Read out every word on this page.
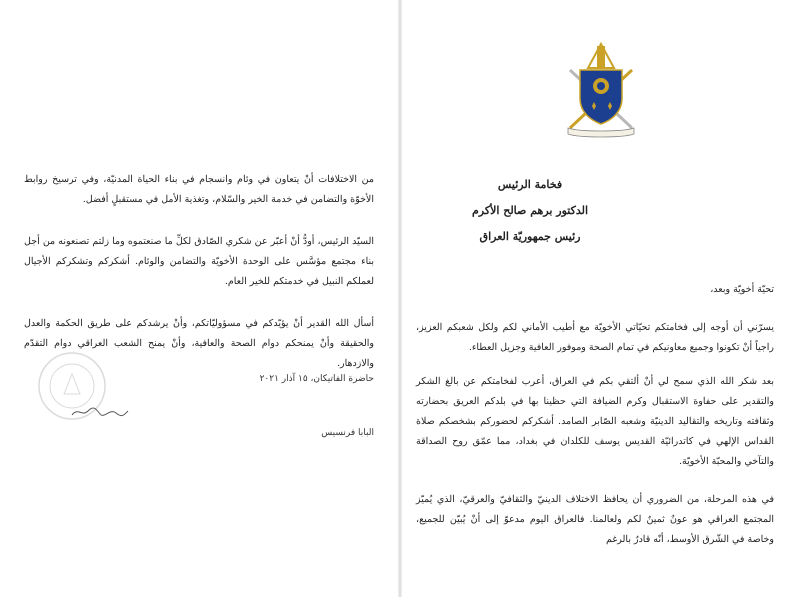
من الاختلافات أنْ يتعاون في وئام وانسجام في بناء الحياة المدنيّة، وفي ترسيخ روابط الأخوّة والتضامن في خدمة الخير والسّلام، وتغذية الأمل في مستقبلٍ أفضل.
السيّد الرئيس، أودُّ أنْ أعبّر عن شكري الصّادق لكلِّ ما صنعتموه وما زلتم تصنعونه من أجل بناء مجتمع مؤسَّس على الوحدة الأخويّة والتضامن والوئام. أشكركم وتشكركم الأجيال لعملكم النبيل في خدمتكم للخير العام.
أسأل الله القدير أنْ يؤيّدكم في مسؤوليّاتكم، وأنْ يرشدكم على طريق الحكمة والعدل والحقيقة وأنْ يمنحكم دوام الصحة والعافية، وأنْ يمنح الشعب العراقي دوام التقدّم والازدهار.
حاضرة الفاتيكان، ١٥ آذار ٢٠٢١
البابا فرنسيس
فخامة الرئيس
الدكتور برهم صالح الأكرم
رئيس جمهوريّة العراق
تحيّة أخويّة وبعد،
يسرّني أن أوجه إلى فخامتكم تحيّاتي الأخويّة مع أطيب الأماني لكم ولكل شعبكم العزيز، راجياً أنْ تكونوا وجميع معاونيكم في تمام الصحة وموفور العافية وجزيل العطاء.
بعد شكر الله الذي سمح لي أنْ ألتقي بكم في العراق، أعرب لفخامتكم عن بالغ الشكر والتقدير على حفاوة الاستقبال وكرم الضيافة التي حظينا بها في بلدكم العريق بحضارته وثقافته وتاريخه والتقاليد الدينيّة وشعبه الصّابر الصامد. أشكركم لحضوركم بشخصكم صلاة القداس الإلهي في كاتدرائيّة القديس يوسف للكلدان في بغداد، مما عمّق روح الصداقة والتآخي والمحبّة الأخويّة.
في هذه المرحلة، من الضروري أن يحافظ الاختلاف الدينيّ والثقافيّ والعرقيّ، الذي يُميّز المجتمع العراقي هو عونٌ ثمينٌ لكم ولعالمنا. فالعراق اليوم مدعوّ إلى أنْ يُبيّن للجميع، وخاصة في الشّرق الأوسط، أنّه قادرٌ بالرغم
